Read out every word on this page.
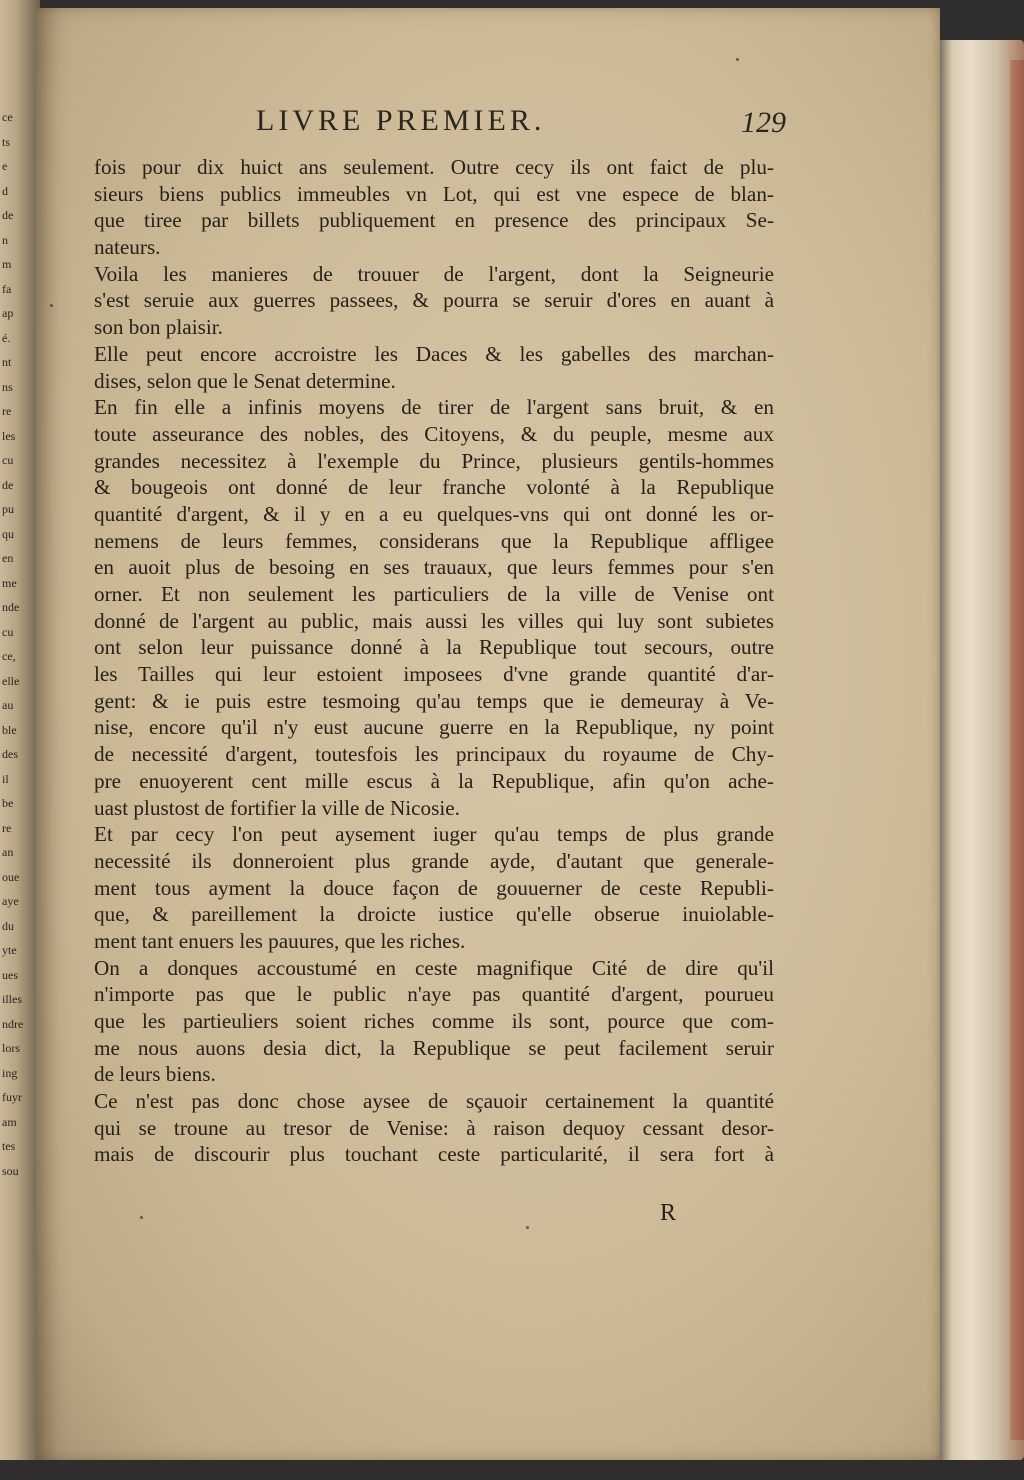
ce
ts
e
d
de
n
m
fa
ap
é.
nt
ns
re
les
cu
de
pu
qu
en
me
nde
cu
ce,
elle
au
ble
des
il
be
re
an
oue
aye
du
yte
ues
illes
ndre
lors
ing
fuyr
am
tes
sou
LIVRE PREMIER.	129
fois pour dix huict ans seulement. Outre cecy ils ont faict de plu-
sieurs biens publics immeubles vn Lot, qui est vne espece de blan-
que tiree par billets publiquement en presence des principaux Se-
nateurs.
Voila les manieres de trouuer de l'argent, dont la Seigneurie
s'est seruie aux guerres passees, & pourra se seruir d'ores en auant à
son bon plaisir.
Elle peut encore accroistre les Daces & les gabelles des marchan-
dises, selon que le Senat determine.
En fin elle a infinis moyens de tirer de l'argent sans bruit, & en
toute asseurance des nobles, des Citoyens, & du peuple, mesme aux
grandes necessitez à l'exemple du Prince, plusieurs gentils-hommes
& bougeois ont donné de leur franche volonté à la Republique
quantité d'argent, & il y en a eu quelques-vns qui ont donné les or-
nemens de leurs femmes, considerans que la Republique affligee
en auoit plus de besoing en ses trauaux, que leurs femmes pour s'en
orner. Et non seulement les particuliers de la ville de Venise ont
donné de l'argent au public, mais aussi les villes qui luy sont subietes
ont selon leur puissance donné à la Republique tout secours, outre
les Tailles qui leur estoient imposees d'vne grande quantité d'ar-
gent: & ie puis estre tesmoing qu'au temps que ie demeuray à Ve-
nise, encore qu'il n'y eust aucune guerre en la Republique, ny point
de necessité d'argent, toutesfois les principaux du royaume de Chy-
pre enuoyerent cent mille escus à la Republique, afin qu'on ache-
uast plustost de fortifier la ville de Nicosie.
Et par cecy l'on peut aysement iuger qu'au temps de plus grande
necessité ils donneroient plus grande ayde, d'autant que generale-
ment tous ayment la douce façon de gouuerner de ceste Republi-
que, & pareillement la droicte iustice qu'elle obserue inuiolable-
ment tant enuers les pauures, que les riches.
On a donques accoustumé en ceste magnifique Cité de dire qu'il
n'importe pas que le public n'aye pas quantité d'argent, pourueu
que les partieuliers soient riches comme ils sont, pource que com-
me nous auons desia dict, la Republique se peut facilement seruir
de leurs biens.
Ce n'est pas donc chose aysee de sçauoir certainement la quantité
qui se troune au tresor de Venise: à raison dequoy cessant desor-
mais de discourir plus touchant ceste particularité, il sera fort à
R
